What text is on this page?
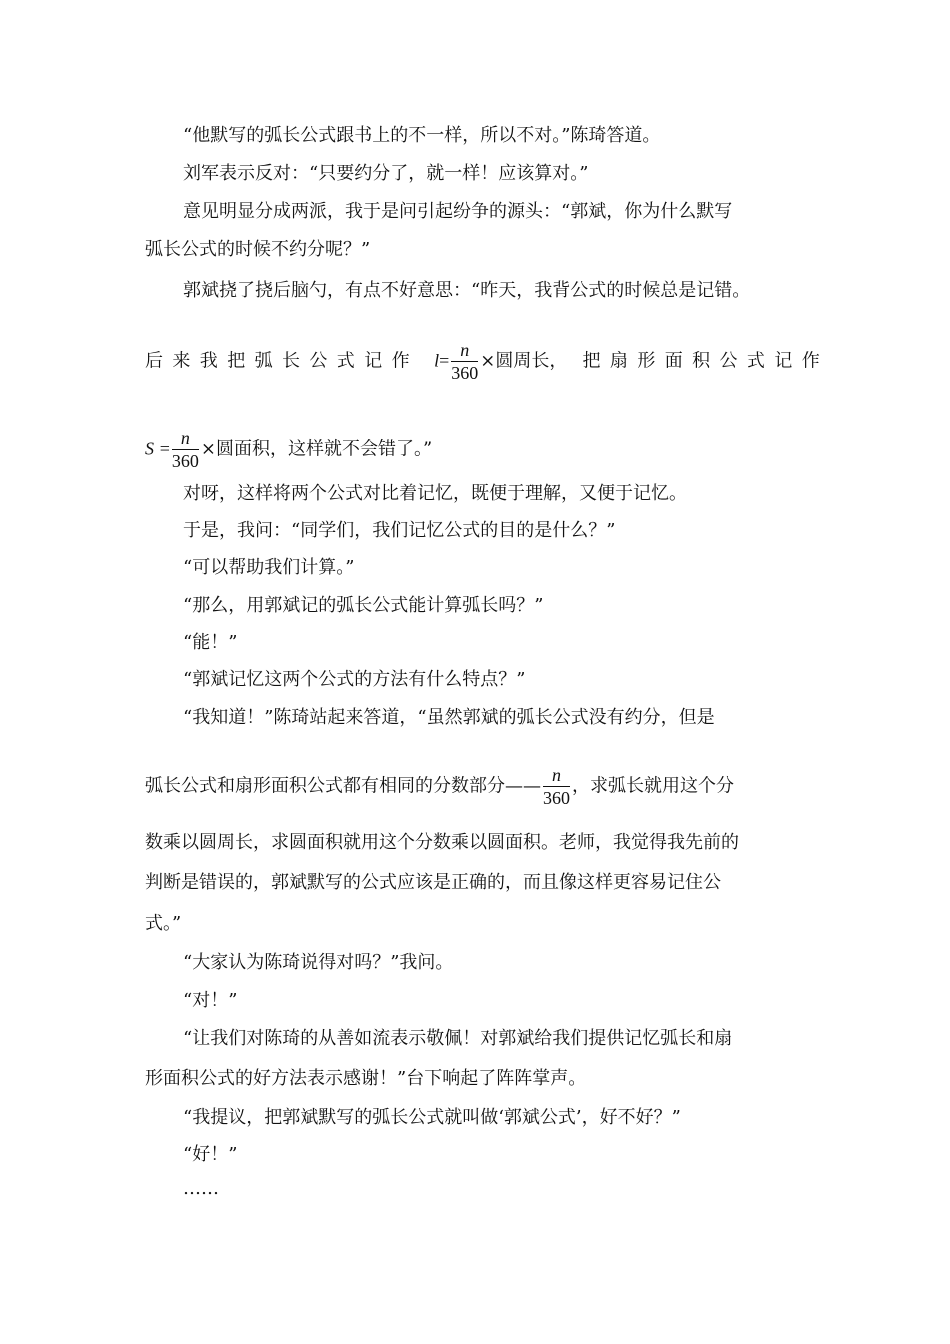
“他默写的弧长公式跟书上的不一样，所以不对。”陈琦答道。
刘军表示反对：“只要约分了，就一样！应该算对。”
意见明显分成两派，我于是问引起纷争的源头：“郭斌，你为什么默写
弧长公式的时候不约分呢？”
郭斌挠了挠后脑勺，有点不好意思：“昨天，我背公式的时候总是记错。
后来我把弧长公式记作 $l= \frac{n}{360}$ ×圆周长， 把扇形面积公式记作
$S = \frac{n}{360}$ ×圆面积，这样就不会错了。”
对呀，这样将两个公式对比着记忆，既便于理解，又便于记忆。
于是，我问：“同学们，我们记忆公式的目的是什么？”
“可以帮助我们计算。”
“那么，用郭斌记的弧长公式能计算弧长吗？”
“能！”
“郭斌记忆这两个公式的方法有什么特点？”
“我知道！”陈琦站起来答道，“虽然郭斌的弧长公式没有约分，但是
弧长公式和扇形面积公式都有相同的分数部分—— $\frac{n}{360}$ ，求弧长就用这个分
数乘以圆周长，求圆面积就用这个分数乘以圆面积。老师，我觉得我先前的
判断是错误的，郭斌默写的公式应该是正确的，而且像这样更容易记住公
式。”
“大家认为陈琦说得对吗？”我问。
“对！”
“让我们对陈琦的从善如流表示敬佩！对郭斌给我们提供记忆弧长和扇
形面积公式的好方法表示感谢！”台下响起了阵阵掌声。
“我提议，把郭斌默写的弧长公式就叫做‘郭斌公式’，好不好？”
“好！”
……
